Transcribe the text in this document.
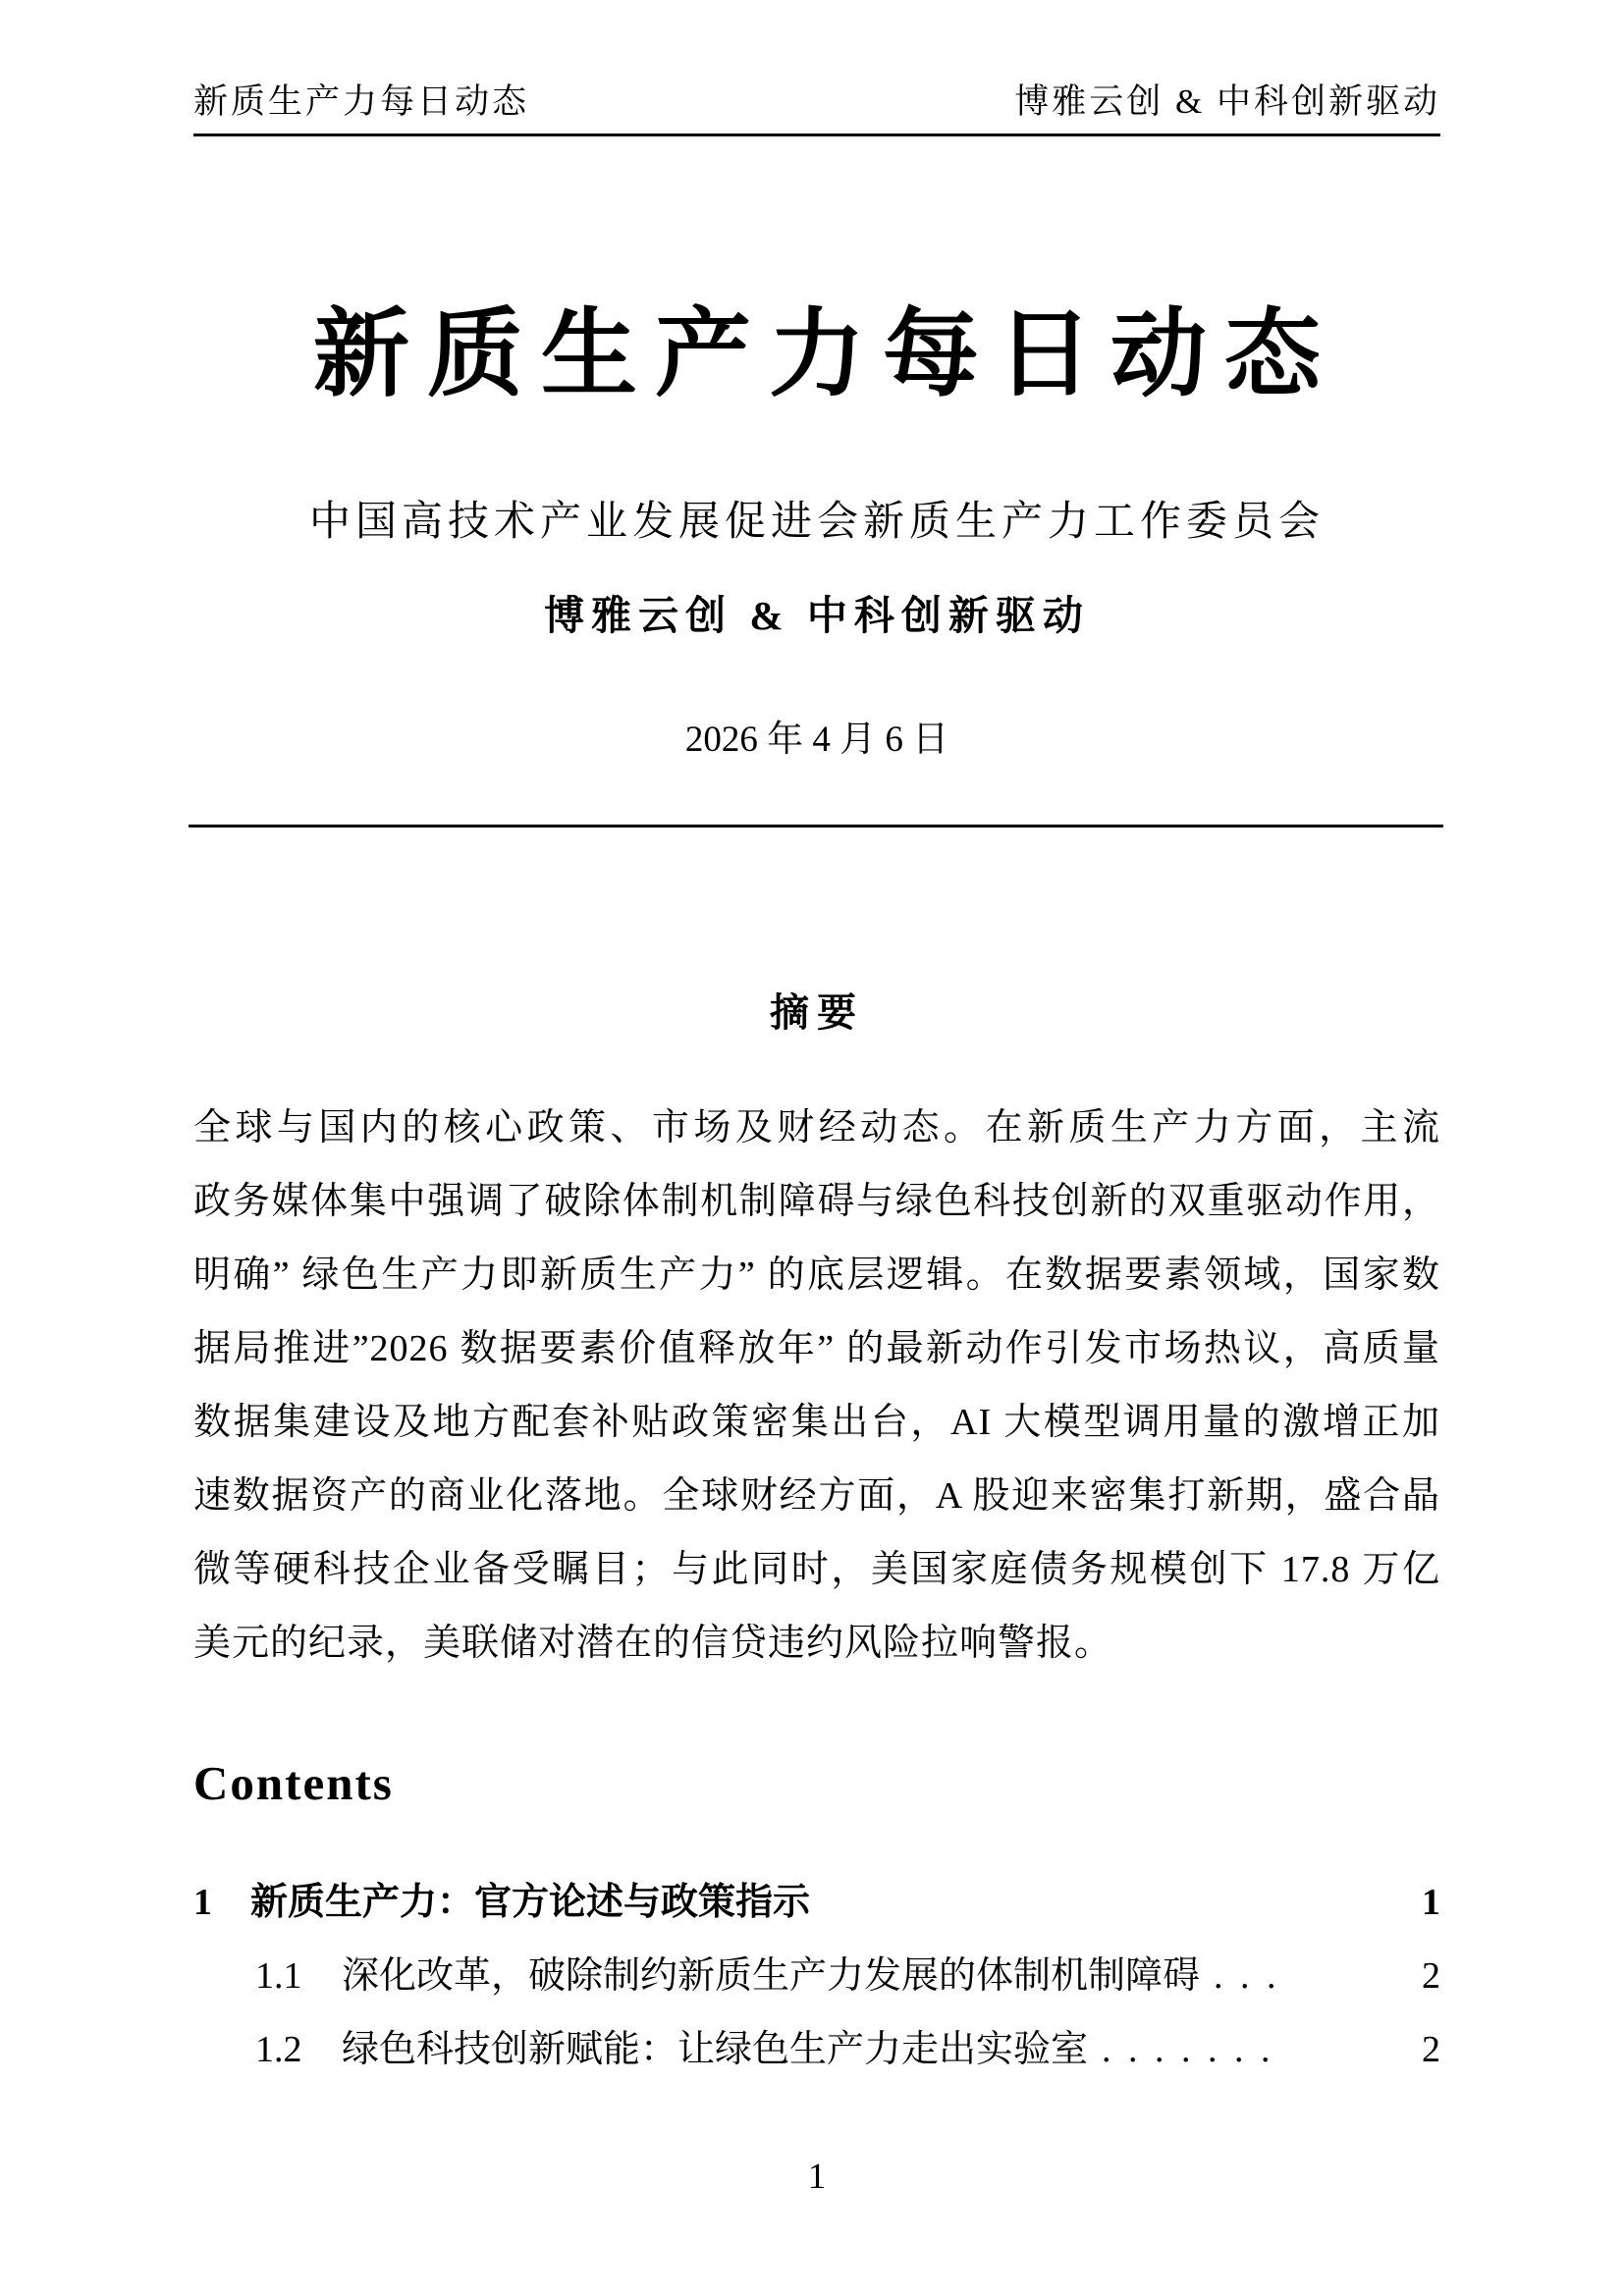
新质生产力每日动态	博雅云创 & 中科创新驱动
新质生产力每日动态
中国高技术产业发展促进会新质生产力工作委员会
博雅云创 & 中科创新驱动
2026 年 4 月 6 日
摘要
全球与国内的核心政策、市场及财经动态。在新质生产力方面，主流
政务媒体集中强调了破除体制机制障碍与绿色科技创新的双重驱动作用，
明确” 绿色生产力即新质生产力” 的底层逻辑。在数据要素领域，国家数
据局推进”2026 数据要素价值释放年” 的最新动作引发市场热议，高质量
数据集建设及地方配套补贴政策密集出台，AI 大模型调用量的激增正加
速数据资产的商业化落地。全球财经方面，A 股迎来密集打新期，盛合晶
微等硬科技企业备受瞩目；与此同时，美国家庭债务规模创下 17.8 万亿
美元的纪录，美联储对潜在的信贷违约风险拉响警报。
Contents
1	新质生产力：官方论述与政策指示	1
1.1	深化改革，破除制约新质生产力发展的体制机制障碍 . . .	2
1.2	绿色科技创新赋能：让绿色生产力走出实验室 . . . . . . .	2
1
